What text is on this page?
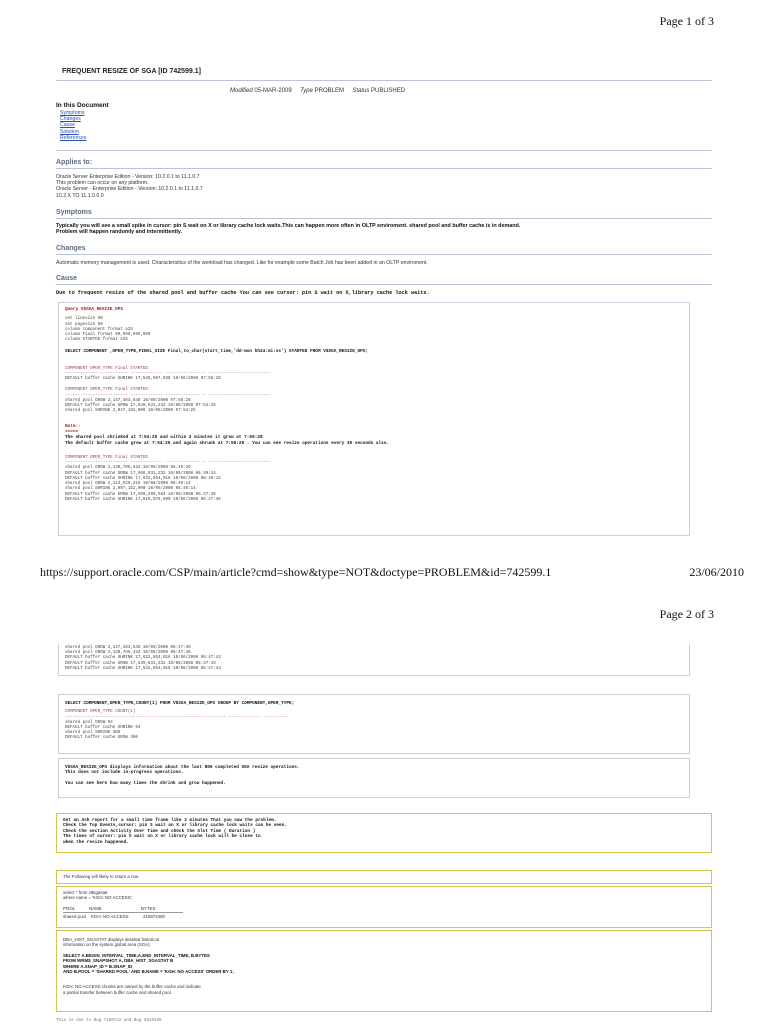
Page 1 of 3
FREQUENT RESIZE OF SGA [ID 742599.1]
Modified 05-MAR-2009 Type PROBLEM Status PUBLISHED
In this Document
Symptoms
Changes
Cause
Solution
References
Applies to:
Oracle Server Enterprise Edition - Version: 10.2.0.1 to 11.1.0.7
This problem can occur on any platform.
Oracle Server - Enterprise Edition - Version: 10.2.0.1 to 11.1.0.7
10.2.X TO 11.1.0.6.0
Symptoms
Typically you will see a small spike in cursor: pin S wait on X or library cache lock waits.This can happen more often in OLTP enviroment. shared pool and buffer cache is in demand.
Problem will happen randomly and intermittently.
Changes
Automatic memory management is used. Characteristics of the workload has changed. Like for example some Batch Job has been added in an OLTP enviroment.
Cause
Due to frequent resize of the shared pool and buffer cache You can see cursor: pin S wait on X,library cache lock waits.
Query V$SGA_RESIZE_OPS
set linesize 90
set pagesize 60
column component format a25
column Final format 99,999,999,999
column STARTED format A25
SELECT COMPONENT ,OPER_TYPE,FINAL_SIZE Final,to_char(start_time,'dd-mon hh24:mi:ss') STARTED FROM V$SGA_RESIZE_OPS;
COMPONENT OPER_TYPE Final STARTED
------------------------- ------------- ---------------- -------------------------
DEFAULT buffer cache SHRINK 17,548,967,936 10/06/2008 07:56:28
COMPONENT OPER_TYPE Final STARTED
------------------------- ------------- ---------------- -------------------------
shared pool GROW 2,147,483,648 10/06/2008 07:56:28
DEFAULT buffer cache GROW 17,649,631,232 10/06/2008 07:54:25
shared pool SHRINK 2,047,152,000 10/06/2008 07:54:25
Note:-
=====
The shared pool shrinked at 7:54:25 and within 2 minutes it grew at 7:56:28
The default buffer cache grew at 7:54:25 and again shrunk at 7:56:28 . You can see resize operations every 30 seconds also.
COMPONENT OPER_TYPE Final STARTED
------------------------- ------------- ---------------- -------------------------
shared pool GROW 2,130,706,432 10/06/2008 06:49:20
DEFAULT buffer cache GROW 17,666,031,232 10/06/2008 06:49:14
DEFAULT buffer cache SHRINK 17,632,854,016 10/06/2008 06:49:14
shared pool GROW 2,113,929,216 10/06/2008 06:49:14
shared pool SHRINK 2,097,152,000 10/06/2008 06:49:14
DEFAULT buffer cache GROW 17,599,299,584 10/06/2008 06:47:46
DEFAULT buffer cache SHRINK 17,616,076,800 10/06/2008 06:47:46
https://support.oracle.com/CSP/main/article?cmd=show&type=NOT&doctype=PROBLEM&id=742599.1	23/06/2010
Page 2 of 3
shared pool GROW 2,147,483,648 10/06/2008 06:47:46
shared pool GROW 2,130,706,432 10/06/2008 06:47:46
DEFAULT buffer cache SHRINK 17,632,854,016 10/06/2008 06:47:43
DEFAULT buffer cache GROW 17,649,631,232 10/06/2008 06:47:43
DEFAULT buffer cache SHRINK 17,632,854,016 10/06/2008 06:47:43
SELECT COMPONENT,OPER_TYPE,COUNT(1) FROM V$SGA_RESIZE_OPS GROUP BY COMPONENT,OPER_TYPE;
COMPONENT OPER_TYPE COUNT(1)
---------------------------------------------------------------- ------------- ----------
shared pool GROW 94
DEFAULT buffer cache SHRINK 94
shared pool SHRINK 306
DEFAULT buffer cache GROW 306
V$SGA_RESIZE_OPS displays information about the last 800 completed SGA resize operations.
This does not include in-progress operations.
You can see here how many times the shrink and grow happened.
Get an Ash report for a small time frame like 2 minutes That you saw the problem.
Check the Top Events,cursor: pin S wait on X or library cache lock waits can be seen.
Check the section Activity Over Time and check the Slot Time ( Duration )
The times of cursor: pin S wait on X or library cache lock will be close to
when the resize happened.
The Following will likely to return a row.
select * from v$sgastat
where name = 'KGH: NO ACCESS';
POOL	NAME	BYTES
shared pool	KGH: NO ACCESS	216572480
DBA_HIST_SGASTAT displays detailed historical
information on the system global area (SGA).
SELECT A.BEGIN_INTERVAL_TIME,A.END_INTERVAL_TIME, B.BYTES
FROM WRM$_SNAPSHOT A, DBA_HIST_SGASTAT B
WHERE A.SNAP_ID = B.SNAP_ID
AND B.POOL = 'SHARED POOL' AND B.NAME = 'KGH: NO ACCESS' ORDER BY 1;
KGH: NO ACCESS chunks are owned by the buffer cache and indicate
a partial transfer between buffer cache and shared pool.
This is due to Bug 7189722 and Bug 6528336
